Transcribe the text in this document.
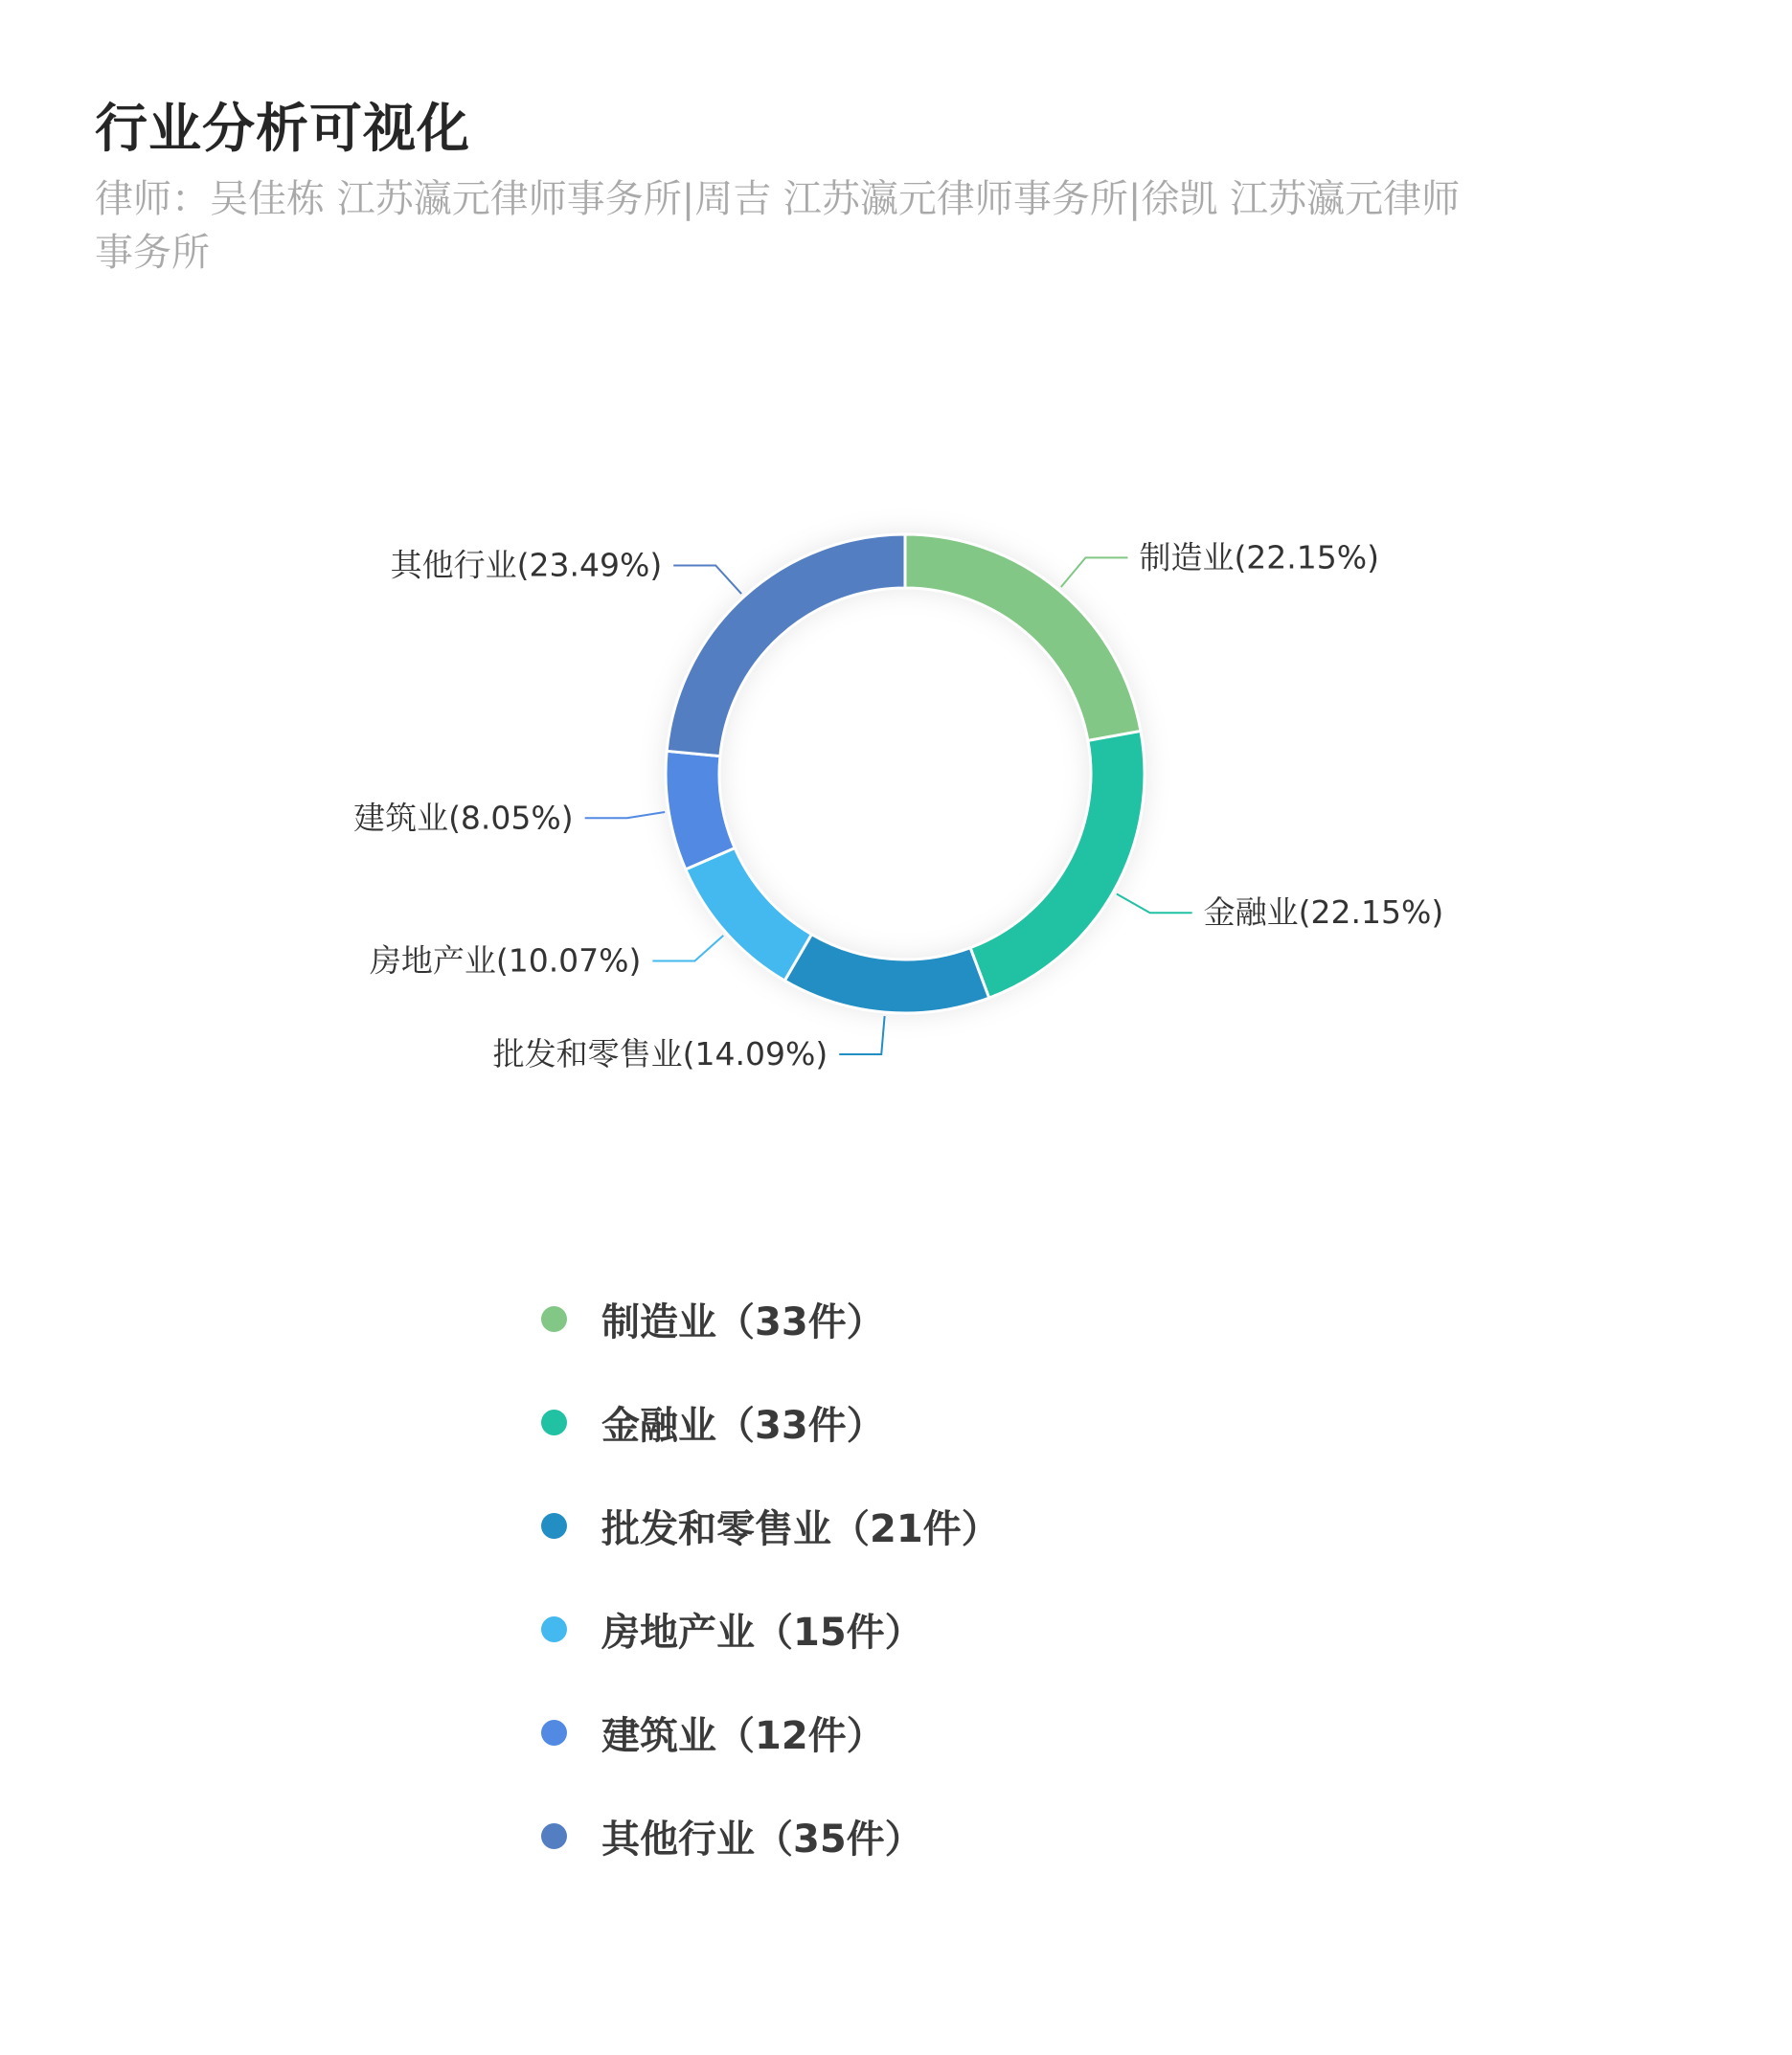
行业分析可视化

律师：吴佳栋 江苏瀛元律师事务所|周吉 江苏瀛元律师事务所|徐凯 江苏瀛元律师事务所

制造业(22.15%)
金融业(22.15%)
批发和零售业(14.09%)
房地产业(10.07%)
建筑业(8.05%)
其他行业(23.49%)
制造业（33件）
金融业（33件）
批发和零售业（21件）
房地产业（15件）
建筑业（12件）
其他行业（35件）
